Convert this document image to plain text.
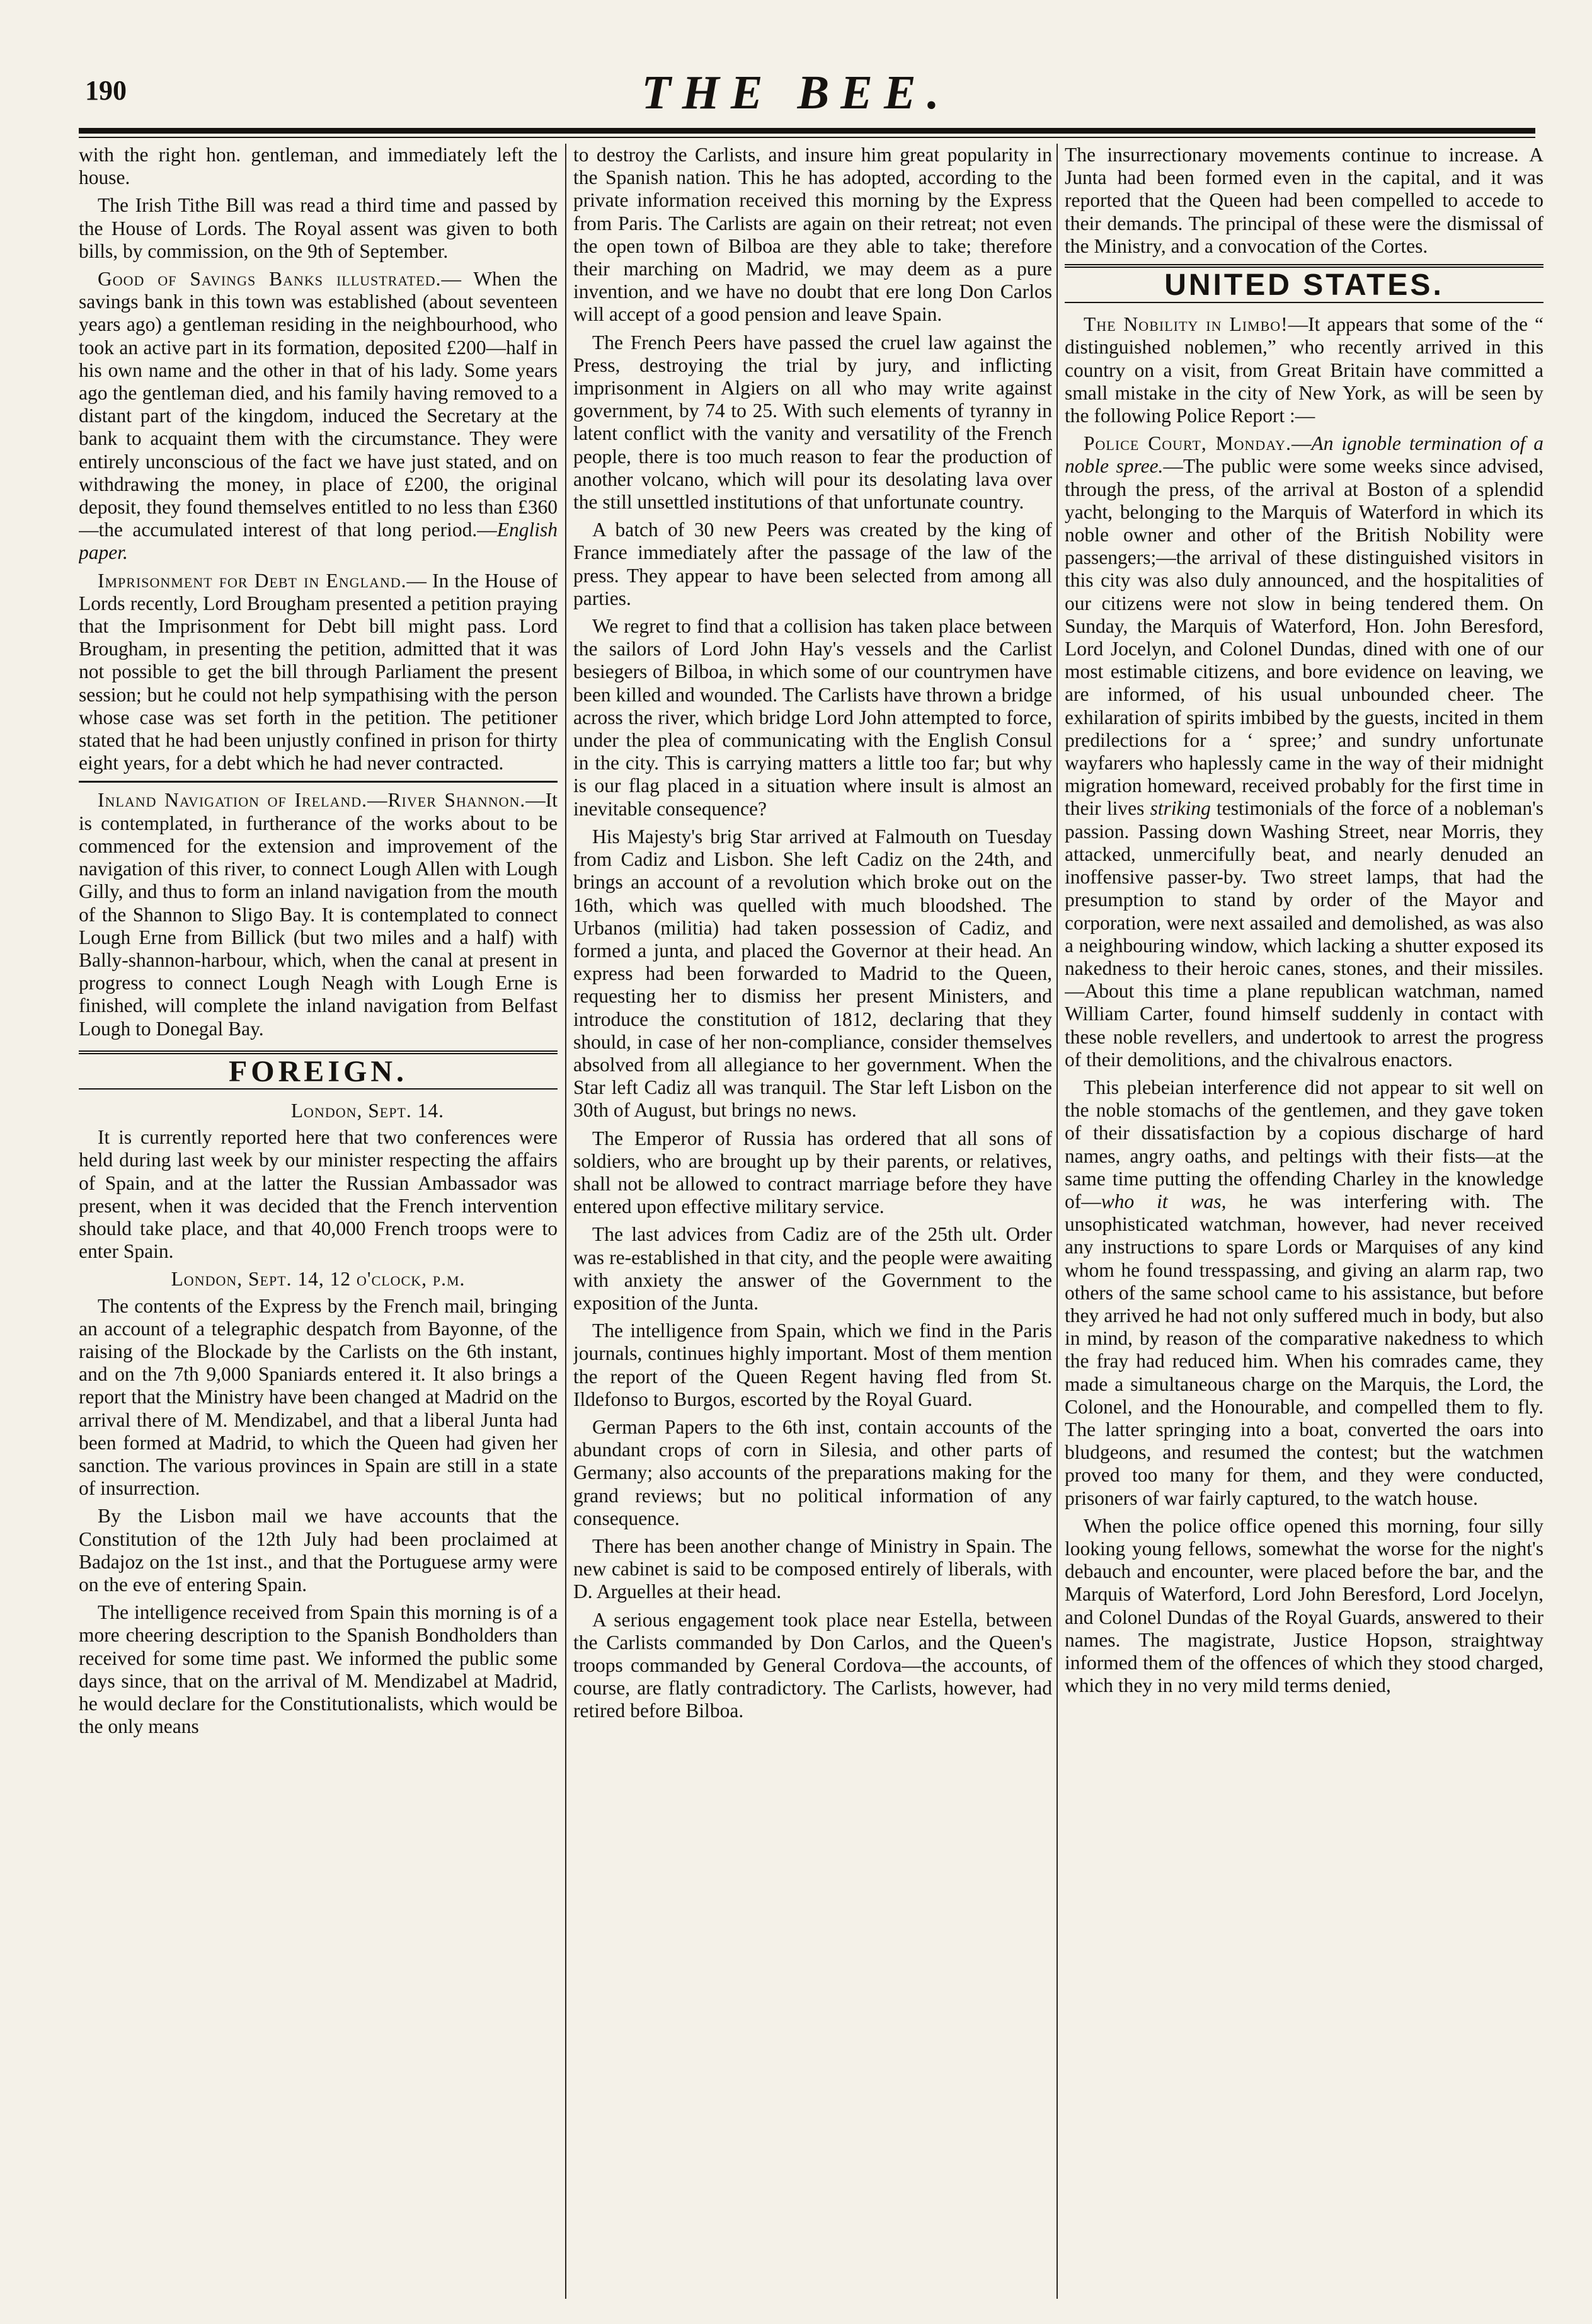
190	THE BEE.

with the right hon. gentleman, and immediately left the house.

The Irish Tithe Bill was read a third time and passed by the House of Lords. The Royal assent was given to both bills, by commission, on the 9th of September.

Good of Savings Banks illustrated.— When the savings bank in this town was established (about seventeen years ago) a gentleman residing in the neighbourhood, who took an active part in its formation, deposited £200—half in his own name and the other in that of his lady. Some years ago the gentleman died, and his family having removed to a distant part of the kingdom, induced the Secretary at the bank to acquaint them with the circumstance. They were entirely unconscious of the fact we have just stated, and on withdrawing the money, in place of £200, the original deposit, they found themselves entitled to no less than £360—the accumulated interest of that long period.—English paper.

Imprisonment for Debt in England.— In the House of Lords recently, Lord Brougham presented a petition praying that the Imprisonment for Debt bill might pass. Lord Brougham, in presenting the petition, admitted that it was not possible to get the bill through Parliament the present session; but he could not help sympathising with the person whose case was set forth in the petition. The petitioner stated that he had been unjustly confined in prison for thirty eight years, for a debt which he had never contracted.

Inland Navigation of Ireland.—River Shannon.—It is contemplated, in furtherance of the works about to be commenced for the extension and improvement of the navigation of this river, to connect Lough Allen with Lough Gilly, and thus to form an inland navigation from the mouth of the Shannon to Sligo Bay. It is contemplated to connect Lough Erne from Billick (but two miles and a half) with Bally-shannon-harbour, which, when the canal at present in progress to connect Lough Neagh with Lough Erne is finished, will complete the inland navigation from Belfast Lough to Donegal Bay.

FOREIGN.

London, Sept. 14.

It is currently reported here that two conferences were held during last week by our minister respecting the affairs of Spain, and at the latter the Russian Ambassador was present, when it was decided that the French intervention should take place, and that 40,000 French troops were to enter Spain.

London, Sept. 14, 12 o'clock, p.m.

The contents of the Express by the French mail, bringing an account of a telegraphic despatch from Bayonne, of the raising of the Blockade by the Carlists on the 6th instant, and on the 7th 9,000 Spaniards entered it. It also brings a report that the Ministry have been changed at Madrid on the arrival there of M. Mendizabel, and that a liberal Junta had been formed at Madrid, to which the Queen had given her sanction. The various provinces in Spain are still in a state of insurrection.

By the Lisbon mail we have accounts that the Constitution of the 12th July had been proclaimed at Badajoz on the 1st inst., and that the Portuguese army were on the eve of entering Spain.

The intelligence received from Spain this morning is of a more cheering description to the Spanish Bondholders than received for some time past. We informed the public some days since, that on the arrival of M. Mendizabel at Madrid, he would declare for the Constitutionalists, which would be the only means

to destroy the Carlists, and insure him great popularity in the Spanish nation. This he has adopted, according to the private information received this morning by the Express from Paris. The Carlists are again on their retreat; not even the open town of Bilboa are they able to take; therefore their marching on Madrid, we may deem as a pure invention, and we have no doubt that ere long Don Carlos will accept of a good pension and leave Spain.

The French Peers have passed the cruel law against the Press, destroying the trial by jury, and inflicting imprisonment in Algiers on all who may write against government, by 74 to 25. With such elements of tyranny in latent conflict with the vanity and versatility of the French people, there is too much reason to fear the production of another volcano, which will pour its desolating lava over the still unsettled institutions of that unfortunate country.

A batch of 30 new Peers was created by the king of France immediately after the passage of the law of the press. They appear to have been selected from among all parties.

We regret to find that a collision has taken place between the sailors of Lord John Hay's vessels and the Carlist besiegers of Bilboa, in which some of our countrymen have been killed and wounded. The Carlists have thrown a bridge across the river, which bridge Lord John attempted to force, under the plea of communicating with the English Consul in the city. This is carrying matters a little too far; but why is our flag placed in a situation where insult is almost an inevitable consequence?

His Majesty's brig Star arrived at Falmouth on Tuesday from Cadiz and Lisbon. She left Cadiz on the 24th, and brings an account of a revolution which broke out on the 16th, which was quelled with much bloodshed. The Urbanos (militia) had taken possession of Cadiz, and formed a junta, and placed the Governor at their head. An express had been forwarded to Madrid to the Queen, requesting her to dismiss her present Ministers, and introduce the constitution of 1812, declaring that they should, in case of her non-compliance, consider themselves absolved from all allegiance to her government. When the Star left Cadiz all was tranquil. The Star left Lisbon on the 30th of August, but brings no news.

The Emperor of Russia has ordered that all sons of soldiers, who are brought up by their parents, or relatives, shall not be allowed to contract marriage before they have entered upon effective military service.

The last advices from Cadiz are of the 25th ult. Order was re-established in that city, and the people were awaiting with anxiety the answer of the Government to the exposition of the Junta.

The intelligence from Spain, which we find in the Paris journals, continues highly important. Most of them mention the report of the Queen Regent having fled from St. Ildefonso to Burgos, escorted by the Royal Guard.

German Papers to the 6th inst, contain accounts of the abundant crops of corn in Silesia, and other parts of Germany; also accounts of the preparations making for the grand reviews; but no political information of any consequence.

There has been another change of Ministry in Spain. The new cabinet is said to be composed entirely of liberals, with D. Arguelles at their head.

A serious engagement took place near Estella, between the Carlists commanded by Don Carlos, and the Queen's troops commanded by General Cordova—the accounts, of course, are flatly contradictory. The Carlists, however, had retired before Bilboa.

The insurrectionary movements continue to increase. A Junta had been formed even in the capital, and it was reported that the Queen had been compelled to accede to their demands. The principal of these were the dismissal of the Ministry, and a convocation of the Cortes.

UNITED STATES.

The Nobility in Limbo!—It appears that some of the “ distinguished noblemen,” who recently arrived in this country on a visit, from Great Britain have committed a small mistake in the city of New York, as will be seen by the following Police Report :—

Police Court, Monday.—An ignoble termination of a noble spree.—The public were some weeks since advised, through the press, of the arrival at Boston of a splendid yacht, belonging to the Marquis of Waterford in which its noble owner and other of the British Nobility were passengers;—the arrival of these distinguished visitors in this city was also duly announced, and the hospitalities of our citizens were not slow in being tendered them. On Sunday, the Marquis of Waterford, Hon. John Beresford, Lord Jocelyn, and Colonel Dundas, dined with one of our most estimable citizens, and bore evidence on leaving, we are informed, of his usual unbounded cheer. The exhilaration of spirits imbibed by the guests, incited in them predilections for a ‘ spree;’ and sundry unfortunate wayfarers who haplessly came in the way of their midnight migration homeward, received probably for the first time in their lives striking testimonials of the force of a nobleman's passion. Passing down Washing Street, near Morris, they attacked, unmercifully beat, and nearly denuded an inoffensive passer-by. Two street lamps, that had the presumption to stand by order of the Mayor and corporation, were next assailed and demolished, as was also a neighbouring window, which lacking a shutter exposed its nakedness to their heroic canes, stones, and their missiles.—About this time a plane republican watchman, named William Carter, found himself suddenly in contact with these noble revellers, and undertook to arrest the progress of their demolitions, and the chivalrous enactors.

This plebeian interference did not appear to sit well on the noble stomachs of the gentlemen, and they gave token of their dissatisfaction by a copious discharge of hard names, angry oaths, and peltings with their fists—at the same time putting the offending Charley in the knowledge of—who it was, he was interfering with. The unsophisticated watchman, however, had never received any instructions to spare Lords or Marquises of any kind whom he found tresspassing, and giving an alarm rap, two others of the same school came to his assistance, but before they arrived he had not only suffered much in body, but also in mind, by reason of the comparative nakedness to which the fray had reduced him. When his comrades came, they made a simultaneous charge on the Marquis, the Lord, the Colonel, and the Honourable, and compelled them to fly. The latter springing into a boat, converted the oars into bludgeons, and resumed the contest; but the watchmen proved too many for them, and they were conducted, prisoners of war fairly captured, to the watch house.

When the police office opened this morning, four silly looking young fellows, somewhat the worse for the night's debauch and encounter, were placed before the bar, and the Marquis of Waterford, Lord John Beresford, Lord Jocelyn, and Colonel Dundas of the Royal Guards, answered to their names. The magistrate, Justice Hopson, straightway informed them of the offences of which they stood charged, which they in no very mild terms denied,
